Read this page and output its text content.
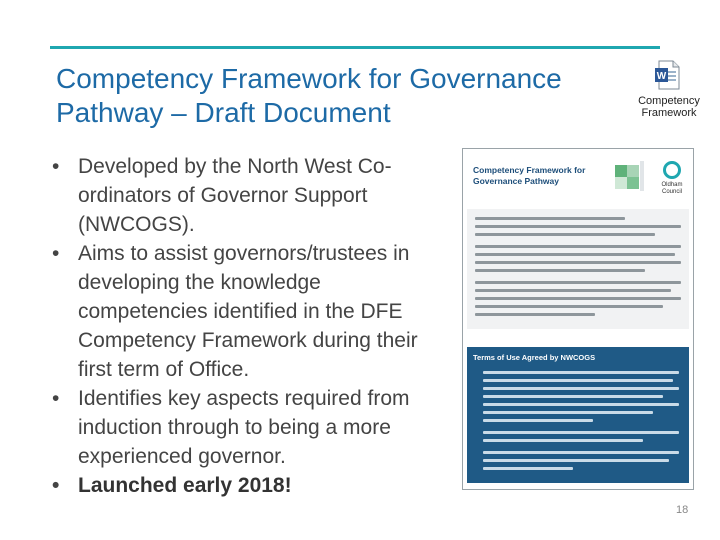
Competency Framework for Governance Pathway – Draft Document
W
Competency Framework
• Developed by the North West Co-ordinators of Governor Support (NWCOGS).
• Aims to assist governors/trustees in developing the knowledge competencies identified in the DFE Competency Framework during their first term of Office.
• Identifies key aspects required from induction through to being a more experienced governor.
• Launched early 2018!
Competency Framework for Governance Pathway	Oldham Council
Terms of Use Agreed by NWCOGS
18
